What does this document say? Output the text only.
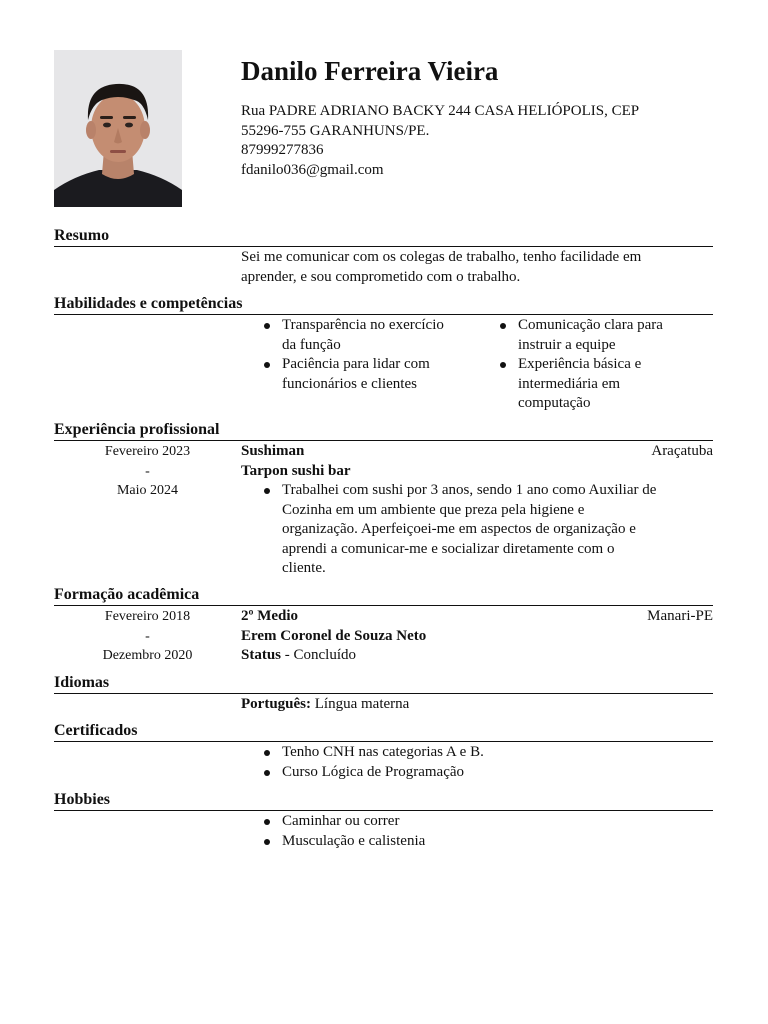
Danilo Ferreira Vieira
Rua PADRE ADRIANO BACKY 244 CASA HELIÓPOLIS, CEP
55296-755 GARANHUNS/PE.
87999277836
fdanilo036@gmail.com
Resumo
Sei me comunicar com os colegas de trabalho, tenho facilidade em
aprender, e sou comprometido com o trabalho.
Habilidades e competências
Transparência no exercício
da função
Paciência para lidar com
funcionários e clientes
Comunicação clara para
instruir a equipe
Experiência básica e
intermediária em
computação
Experiência profissional
Fevereiro 2023
-
Maio 2024
Sushiman	Araçatuba
Tarpon sushi bar
Trabalhei com sushi por 3 anos, sendo 1 ano como Auxiliar de
Cozinha em um ambiente que preza pela higiene e
organização. Aperfeiçoei-me em aspectos de organização e
aprendi a comunicar-me e socializar diretamente com o
cliente.
Formação acadêmica
Fevereiro 2018
-
Dezembro 2020
2º Medio	Manari-PE
Erem Coronel de Souza Neto
Status - Concluído
Idiomas
Português: Língua materna
Certificados
Tenho CNH nas categorias A e B.
Curso Lógica de Programação
Hobbies
Caminhar ou correr
Musculação e calistenia
